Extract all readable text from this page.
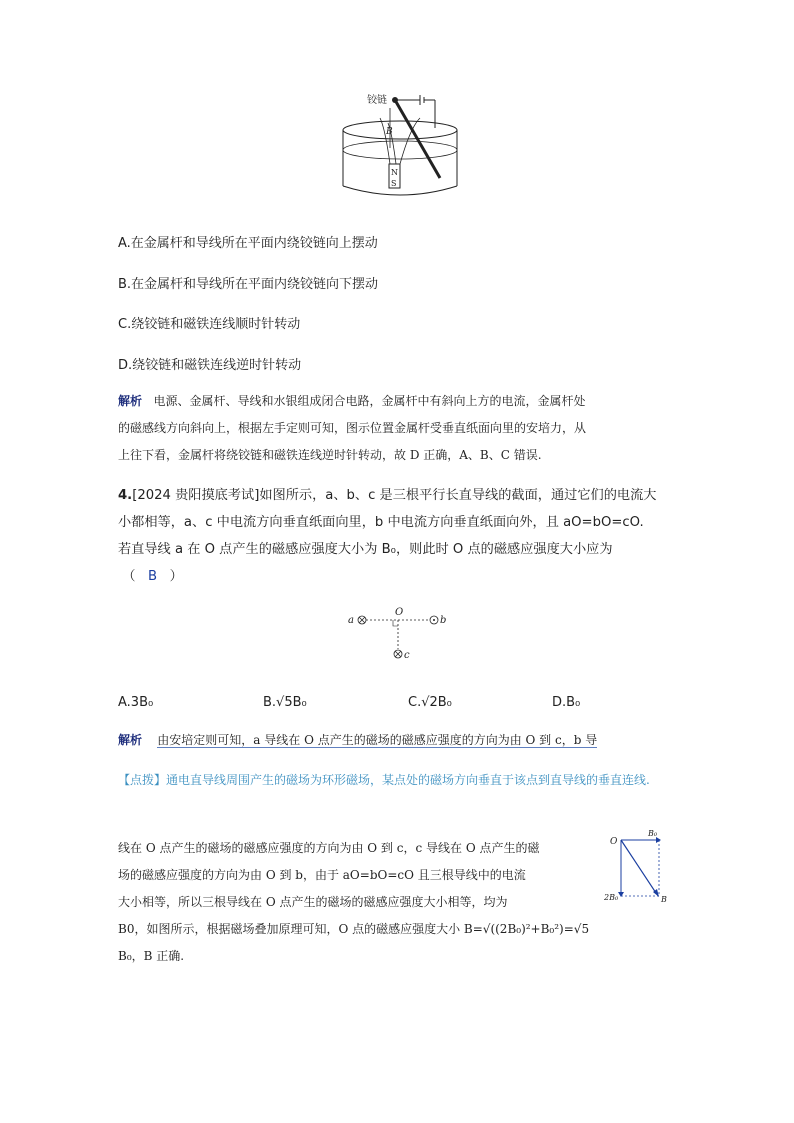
铰链
B
N
S
A.在金属杆和导线所在平面内绕铰链向上摆动
B.在金属杆和导线所在平面内绕铰链向下摆动
C.绕铰链和磁铁连线顺时针转动
D.绕铰链和磁铁连线逆时针转动
解析 电源、金属杆、导线和水银组成闭合电路，金属杆中有斜向上方的电流，金属杆处
的磁感线方向斜向上，根据左手定则可知，图示位置金属杆受垂直纸面向里的安培力，从
上往下看，金属杆将绕铰链和磁铁连线逆时针转动，故 D 正确，A、B、C 错误.
4.[2024 贵阳摸底考试]如图所示，a、b、c 是三根平行长直导线的截面，通过它们的电流大
小都相等，a、c 中电流方向垂直纸面向里，b 中电流方向垂直纸面向外，且 aO=bO=cO.
若直导线 a 在 O 点产生的磁感应强度大小为 B₀，则此时 O 点的磁感应强度大小应为
（ B ）
a
O
b
c
A.3B₀	B.√5B₀	C.√2B₀	D.B₀
解析 由安培定则可知，a 导线在 O 点产生的磁场的磁感应强度的方向为由 O 到 c，b 导
【点拨】通电直导线周围产生的磁场为环形磁场，某点处的磁场方向垂直于该点到直导线的垂直连线.
线在 O 点产生的磁场的磁感应强度的方向为由 O 到 c，c 导线在 O 点产生的磁
场的磁感应强度的方向为由 O 到 b，由于 aO=bO=cO 且三根导线中的电流
大小相等，所以三根导线在 O 点产生的磁场的磁感应强度大小相等，均为
B0，如图所示，根据磁场叠加原理可知，O 点的磁感应强度大小 B=√((2B₀)²+B₀²)=√5
B₀，B 正确.
O
B₀
2B₀	B
